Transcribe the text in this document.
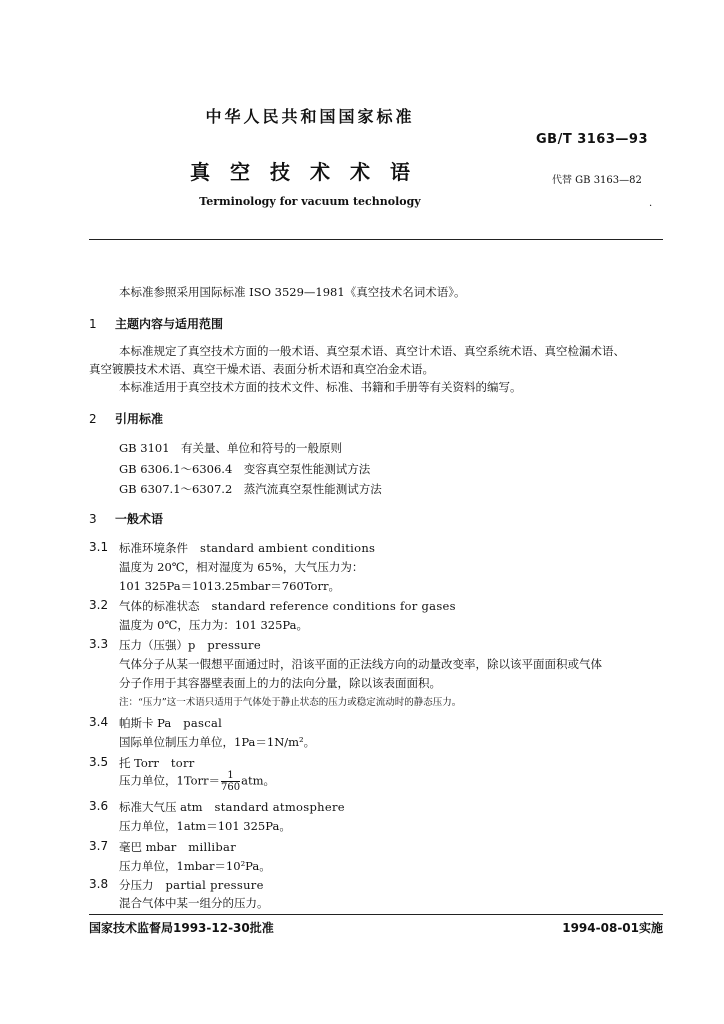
中华人民共和国国家标准
GB/T 3163—93
真空技术术语	代替 GB 3163—82
Terminology for vacuum technology	.
本标准参照采用国际标准 ISO 3529—1981《真空技术名词术语》。
1 主题内容与适用范围
本标准规定了真空技术方面的一般术语、真空泵术语、真空计术语、真空系统术语、真空检漏术语、
真空镀膜技术术语、真空干燥术语、表面分析术语和真空冶金术语。
本标准适用于真空技术方面的技术文件、标准、书籍和手册等有关资料的编写。
2 引用标准
GB 3101　有关量、单位和符号的一般原则
GB 6306.1～6306.4　变容真空泵性能测试方法
GB 6307.1～6307.2　蒸汽流真空泵性能测试方法
3 一般术语
3.1 标准环境条件 standard ambient conditions
温度为 20℃，相对湿度为 65%，大气压力为：
101 325Pa＝1013.25mbar＝760Torr。
3.2 气体的标准状态 standard reference conditions for gases
温度为 0℃，压力为：101 325Pa。
3.3 压力（压强）p pressure
气体分子从某一假想平面通过时，沿该平面的正法线方向的动量改变率，除以该平面面积或气体
分子作用于其容器壁表面上的力的法向分量，除以该表面面积。
注：“压力”这一术语只适用于气体处于静止状态的压力或稳定流动时的静态压力。
3.4 帕斯卡 Pa pascal
国际单位制压力单位，1Pa＝1N/m²。
3.5 托 Torr torr
压力单位，1Torr＝ $\frac{1}{760}$ atm。
3.6 标准大气压 atm standard atmosphere
压力单位，1atm＝101 325Pa。
3.7 毫巴 mbar millibar
压力单位，1mbar＝10²Pa。
3.8 分压力 partial pressure
混合气体中某一组分的压力。
国家技术监督局1993-12-30批准	1994-08-01实施
